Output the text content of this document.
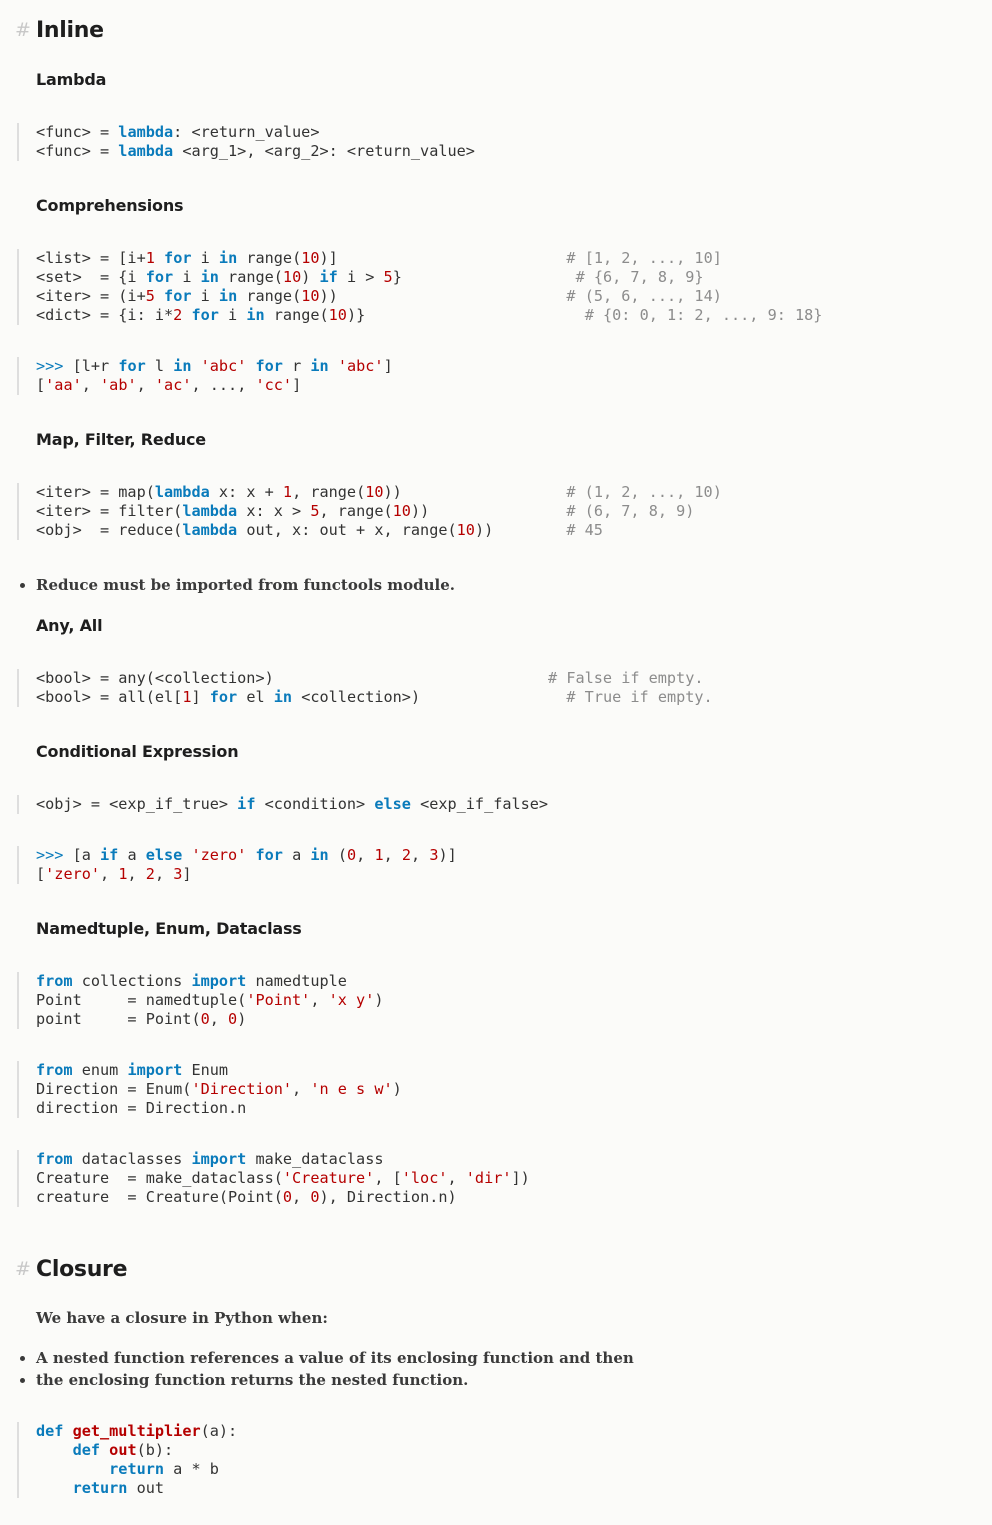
# Inline
Lambda
<func> = lambda: <return_value>
<func> = lambda <arg_1>, <arg_2>: <return_value>
Comprehensions
<list> = [i+1 for i in range(10)]                         # [1, 2, ..., 10]
<set>  = {i for i in range(10) if i > 5}                   # {6, 7, 8, 9}
<iter> = (i+5 for i in range(10))                         # (5, 6, ..., 14)
<dict> = {i: i*2 for i in range(10)}                        # {0: 0, 1: 2, ..., 9: 18}
>>> [l+r for l in 'abc' for r in 'abc']
['aa', 'ab', 'ac', ..., 'cc']
Map, Filter, Reduce
<iter> = map(lambda x: x + 1, range(10))                  # (1, 2, ..., 10)
<iter> = filter(lambda x: x > 5, range(10))               # (6, 7, 8, 9)
<obj>  = reduce(lambda out, x: out + x, range(10))        # 45
• Reduce must be imported from functools module.
Any, All
<bool> = any(<collection>)                              # False if empty.
<bool> = all(el[1] for el in <collection>)                # True if empty.
Conditional Expression
<obj> = <exp_if_true> if <condition> else <exp_if_false>
>>> [a if a else 'zero' for a in (0, 1, 2, 3)]
['zero', 1, 2, 3]
Namedtuple, Enum, Dataclass
from collections import namedtuple
Point     = namedtuple('Point', 'x y')
point     = Point(0, 0)
from enum import Enum
Direction = Enum('Direction', 'n e s w')
direction = Direction.n
from dataclasses import make_dataclass
Creature  = make_dataclass('Creature', ['loc', 'dir'])
creature  = Creature(Point(0, 0), Direction.n)
# Closure

We have a closure in Python when:

• A nested function references a value of its enclosing function and then
• the enclosing function returns the nested function.
def get_multiplier(a):
def out(b):
return a * b
return out
